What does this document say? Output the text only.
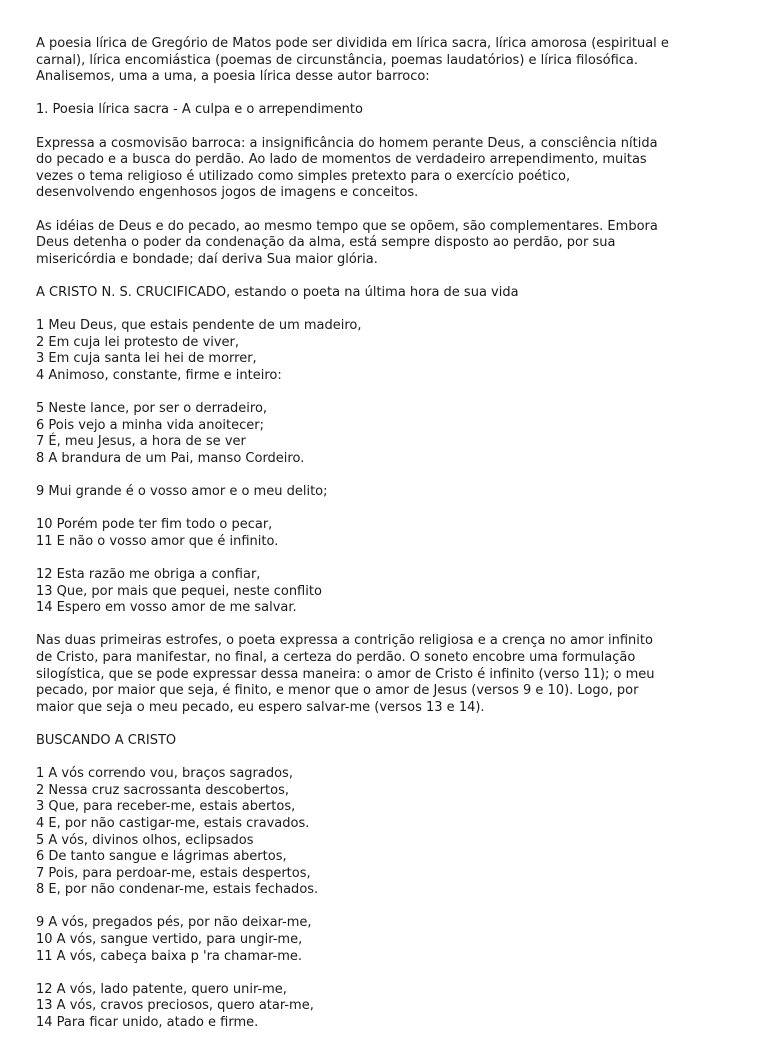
A poesia lírica de Gregório de Matos pode ser dividida em lírica sacra, lírica amorosa (espiritual e
carnal), lírica encomiástica (poemas de circunstância, poemas laudatórios) e lírica filosófica.
Analisemos, uma a uma, a poesia lírica desse autor barroco:
1. Poesia lírica sacra - A culpa e o arrependimento
Expressa a cosmovisão barroca: a insignificância do homem perante Deus, a consciência nítida
do pecado e a busca do perdão. Ao lado de momentos de verdadeiro arrependimento, muitas
vezes o tema religioso é utilizado como simples pretexto para o exercício poético,
desenvolvendo engenhosos jogos de imagens e conceitos.
As idéias de Deus e do pecado, ao mesmo tempo que se opõem, são complementares. Embora
Deus detenha o poder da condenação da alma, está sempre disposto ao perdão, por sua
misericórdia e bondade; daí deriva Sua maior glória.
A CRISTO N. S. CRUCIFICADO, estando o poeta na última hora de sua vida
1 Meu Deus, que estais pendente de um madeiro,
2 Em cuja lei protesto de viver,
3 Em cuja santa lei hei de morrer,
4 Animoso, constante, firme e inteiro:
5 Neste lance, por ser o derradeiro,
6 Pois vejo a minha vida anoitecer;
7 É, meu Jesus, a hora de se ver
8 A brandura de um Pai, manso Cordeiro.
9 Mui grande é o vosso amor e o meu delito;
10 Porém pode ter fim todo o pecar,
11 E não o vosso amor que é infinito.
12 Esta razão me obriga a confiar,
13 Que, por mais que pequei, neste conflito
14 Espero em vosso amor de me salvar.
Nas duas primeiras estrofes, o poeta expressa a contrição religiosa e a crença no amor infinito
de Cristo, para manifestar, no final, a certeza do perdão. O soneto encobre uma formulação
silogística, que se pode expressar dessa maneira: o amor de Cristo é infinito (verso 11); o meu
pecado, por maior que seja, é finito, e menor que o amor de Jesus (versos 9 e 10). Logo, por
maior que seja o meu pecado, eu espero salvar-me (versos 13 e 14).
BUSCANDO A CRISTO
1 A vós correndo vou, braços sagrados,
2 Nessa cruz sacrossanta descobertos,
3 Que, para receber-me, estais abertos,
4 E, por não castigar-me, estais cravados.
5 A vós, divinos olhos, eclipsados
6 De tanto sangue e lágrimas abertos,
7 Pois, para perdoar-me, estais despertos,
8 E, por não condenar-me, estais fechados.
9 A vós, pregados pés, por não deixar-me,
10 A vós, sangue vertido, para ungir-me,
11 A vós, cabeça baixa p 'ra chamar-me.
12 A vós, lado patente, quero unir-me,
13 A vós, cravos preciosos, quero atar-me,
14 Para ficar unido, atado e firme.
